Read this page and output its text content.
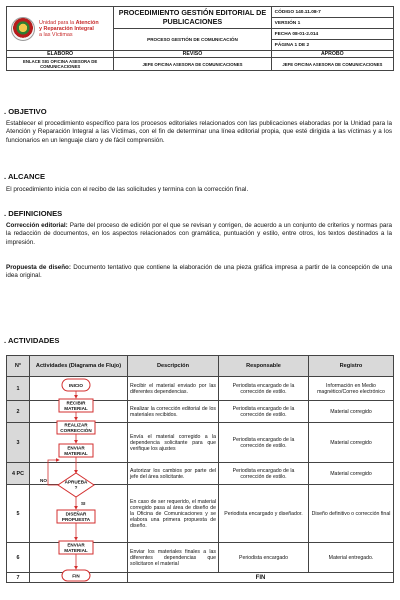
Unidad para la Atención
y Reparación Integral
a las Víctimas	PROCEDIMIENTO GESTIÓN EDITORIAL DE PUBLICACIONES	CÓDIGO 140.11.08-7
		VERSIÓN 1
	PROCESO GESTIÓN DE COMUNICACIÓN	FECHA 08-01-2.014
		PÁGINA 1 DE 2
ELABORÓ	REVISÓ	APROBÓ
ENLACE SIG OFICINA ASESORA DE COMUNICACIONES	JEFE OFICINA ASESORA DE COMUNICACIONES	JEFE OFICINA ASESORA DE COMUNICACIONES
. OBJETIVO
Establecer el procedimiento específico para los procesos editoriales relacionados con las publicaciones elaboradas por la Unidad para la Atención y Reparación Integral a las Víctimas, con el fin de determinar una línea editorial propia, que esté dirigida a las víctimas y a los funcionarios en un lenguaje claro y de fácil comprensión.
. ALCANCE
El procedimiento inicia con el recibo de las solicitudes y termina con la corrección final.
. DEFINICIONES
Corrección editorial: Parte del proceso de edición por el que se revisan y corrigen, de acuerdo a un conjunto de criterios y normas para la redacción de documentos, en los aspectos relacionados con gramática, puntuación y estilo, entre otros, los textos destinados a la impresión.
Propuesta de diseño: Documento tentativo que contiene la elaboración de una pieza gráfica impresa a partir de la concepción de una idea original.
. ACTIVIDADES
N°	Actividades (Diagrama de Flujo)	Descripción	Responsable	Registro
1		Recibir el material enviado por las diferentes dependencias.	Periodista encargado de la corrección de estilo.	Información en Medio magnético/Correo electrónico
2		Realizar la corrección editorial de los materiales recibidos.	Periodista encargado de la corrección de estilo.	Material corregido
3		Envía el material corregido a la dependencia solicitante para que verifique los ajustes	Periodista encargado de la corrección de estilo.	Material corregido
4 PC		Autorizar los cambios por parte del jefe del área solicitante.	Periodista encargado de la corrección de estilo.	Material corregido
5		En caso de ser requerido, el material corregido pasa al área de diseño de la Oficina de Comunicaciones y se elabora una primera propuesta de diseño.	Periodista encargado y diseñador.	Diseño definitivo o corrección final
6		Enviar los materiales finales a las diferentes dependencias que solicitaron el material	Periodista encargado	Material entregado.
7		FIN		
INICIO
RECIBIR
MATERIAL
REALIZAR
CORRECCIÓN
ENVIAR
MATERIAL
APRUEBA
?
NO
SI
DISEÑAR
PROPUESTA
ENVIAR
MATERIAL
FIN
